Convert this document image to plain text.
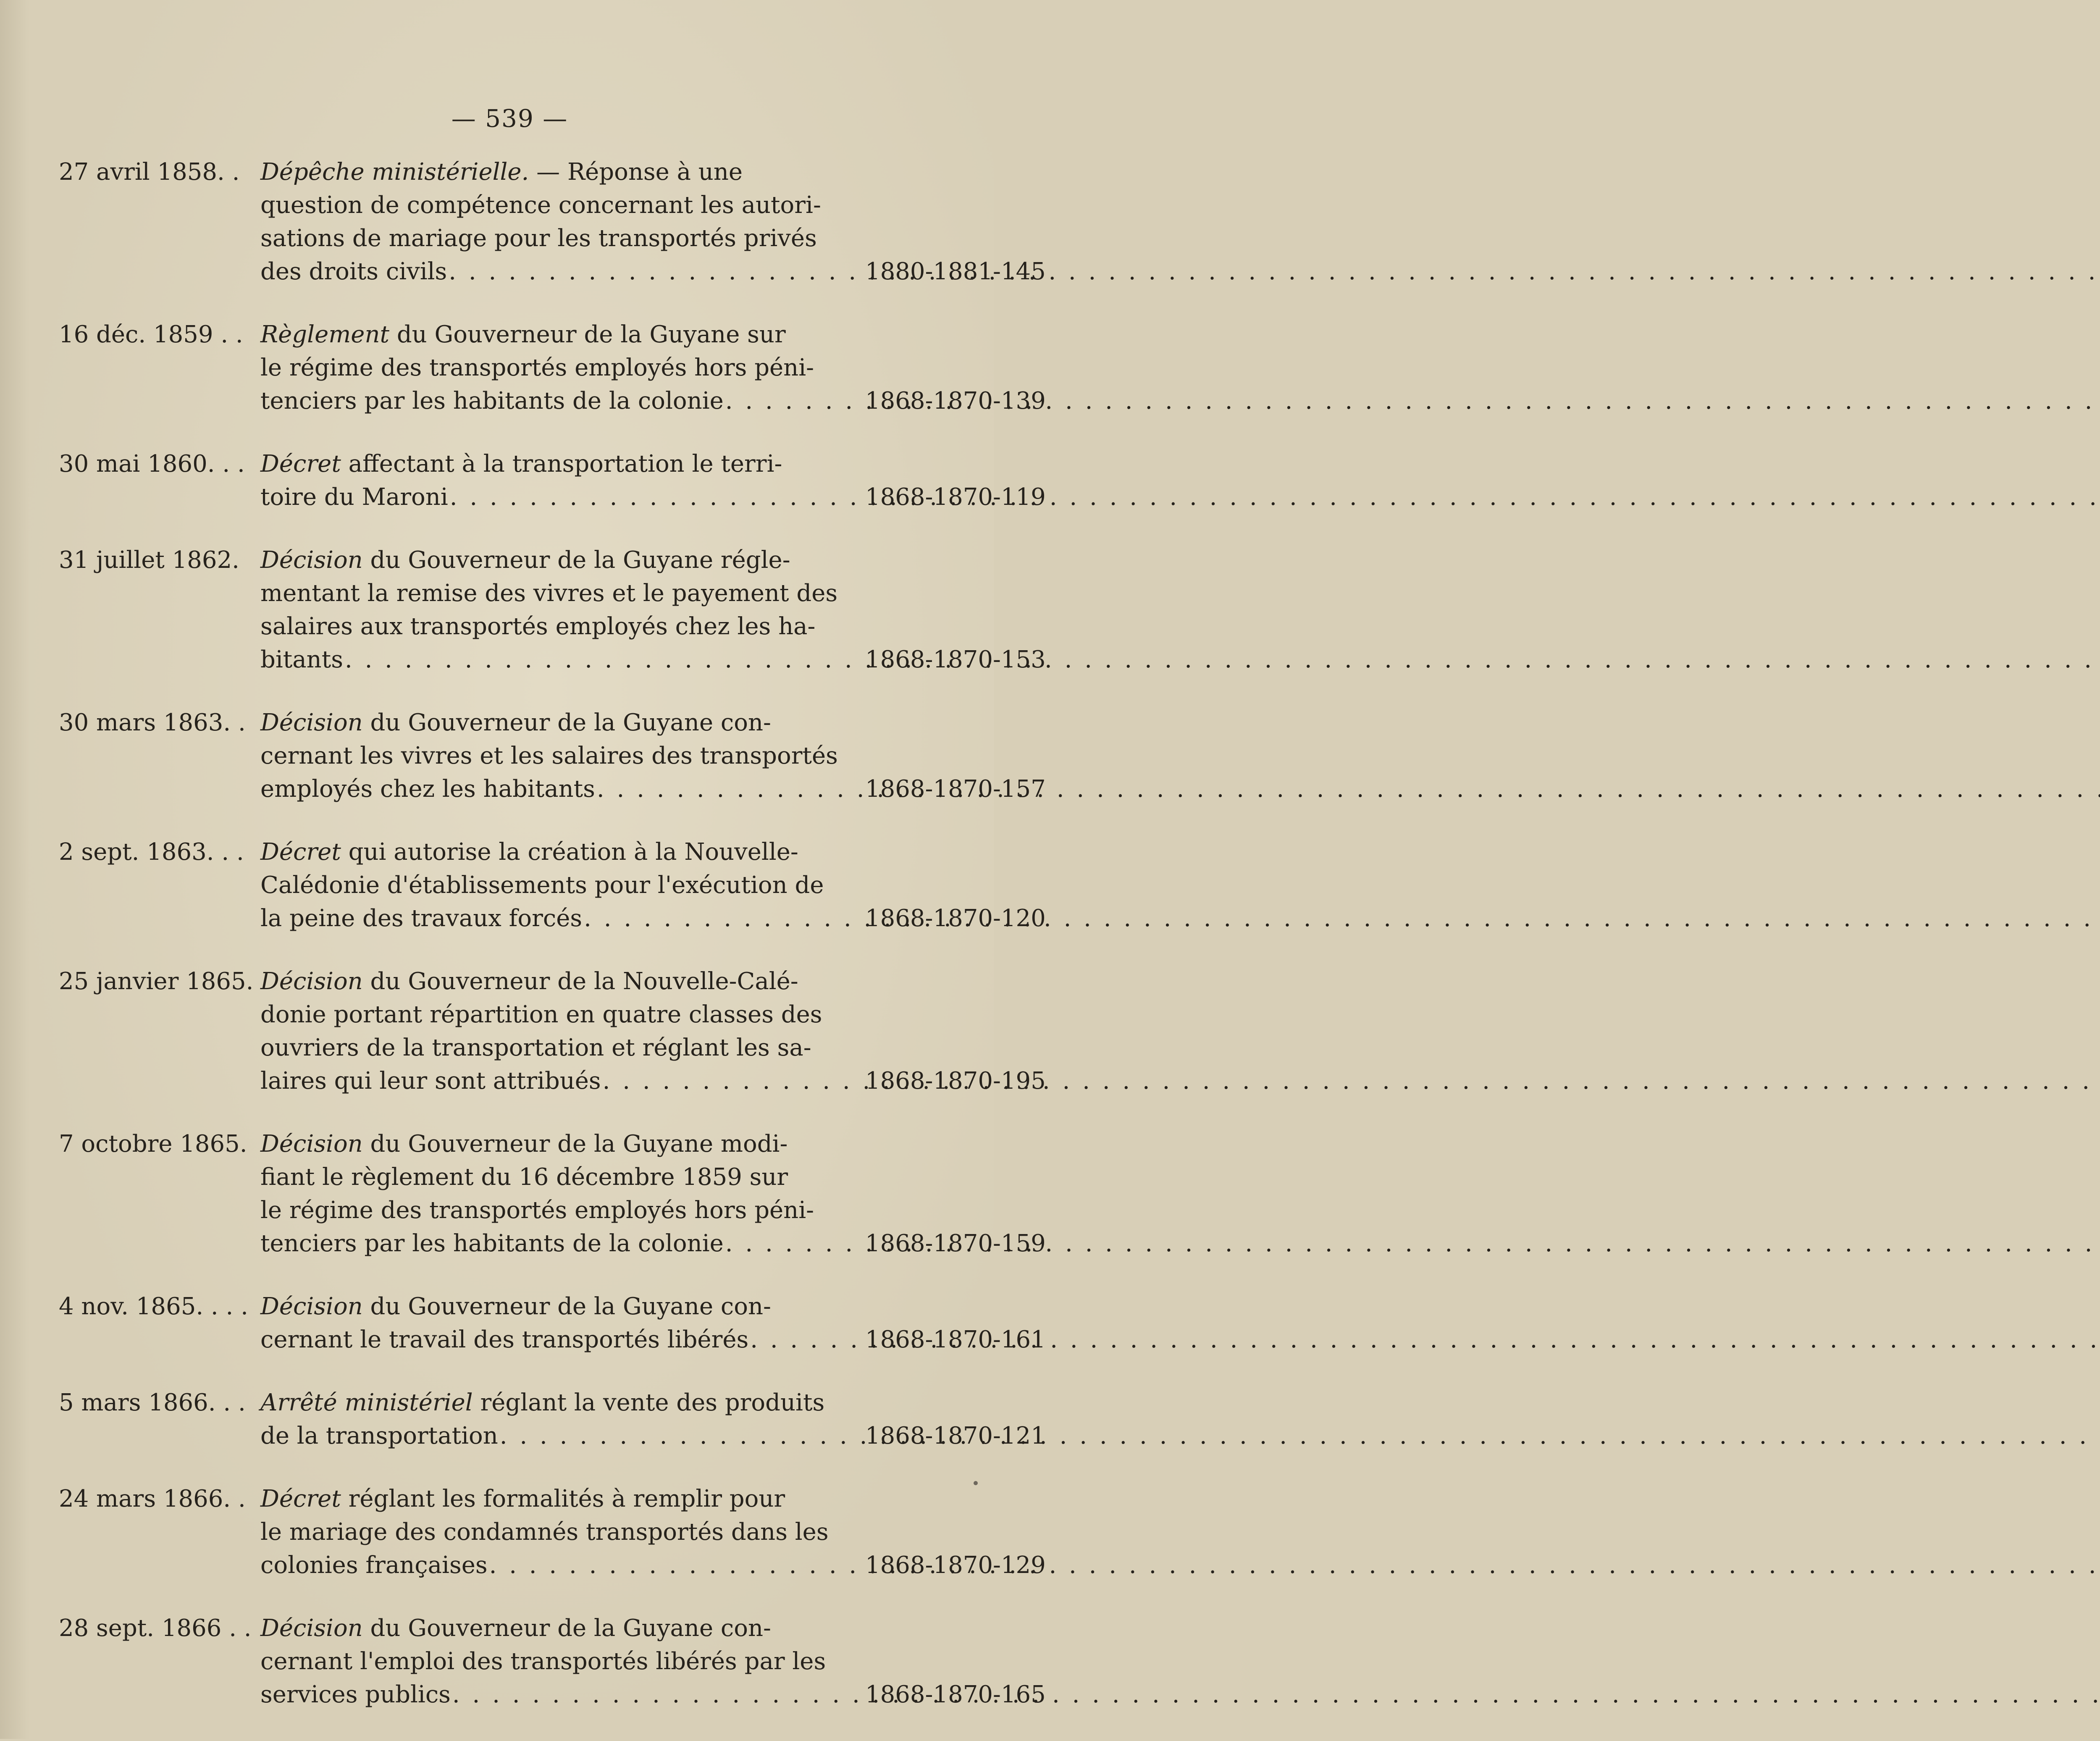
— 539 —
27 avril 1858. . Dépêche ministérielle. — Réponse à une
question de compétence concernant les autori-
sations de mariage pour les transportés privés
des droits civils . . .	1880-1881-145
16 déc. 1859 . . Règlement du Gouverneur de la Guyane sur
le régime des transportés employés hors péni-
tenciers par les habitants de la colonie . . .	1868-1870-139
30 mai 1860. . . Décret affectant à la transportation le terri-
toire du Maroni . . .	1868-1870-119
31 juillet 1862. Décision du Gouverneur de la Guyane régle-
mentant la remise des vivres et le payement des
salaires aux transportés employés chez les ha-
bitants . . .	1868-1870-153
30 mars 1863. . Décision du Gouverneur de la Guyane con-
cernant les vivres et les salaires des transportés
employés chez les habitants . . .	1868-1870-157
2 sept. 1863. . . Décret qui autorise la création à la Nouvelle-
Calédonie d'établissements pour l'exécution de
la peine des travaux forcés . . .	1868-1870-120
25 janvier 1865. Décision du Gouverneur de la Nouvelle-Calé-
donie portant répartition en quatre classes des
ouvriers de la transportation et réglant les sa-
laires qui leur sont attribués . . .	1868-1870-195
7 octobre 1865. Décision du Gouverneur de la Guyane modi-
fiant le règlement du 16 décembre 1859 sur
le régime des transportés employés hors péni-
tenciers par les habitants de la colonie . . .	1868-1870-159
4 nov. 1865. . . . Décision du Gouverneur de la Guyane con-
cernant le travail des transportés libérés . . .	1868-1870-161
5 mars 1866. . . Arrêté ministériel réglant la vente des produits
de la transportation . . .	1868-1870-121
24 mars 1866. . Décret réglant les formalités à remplir pour
le mariage des condamnés transportés dans les
colonies françaises . . .	1868-1870-129
28 sept. 1866 . . Décision du Gouverneur de la Guyane con-
cernant l'emploi des transportés libérés par les
services publics . . .	1868-1870-165
